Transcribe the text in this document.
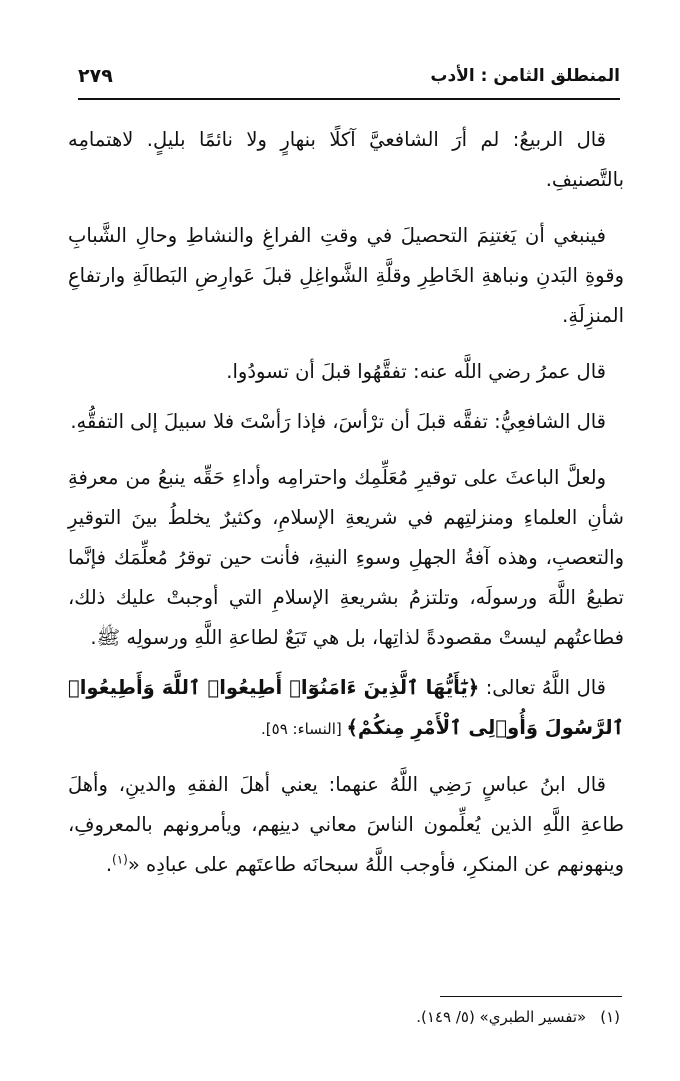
المنطلق الثامن : الأدب
٢٧٩

قال الربيعُ: لم أرَ الشافعيَّ آكلًا بنهارٍ ولا نائمًا بليلٍ. لاهتمامِه بالتَّصنيفِ.

فينبغي أن يَغتنِمَ التحصيلَ في وقتِ الفراغِ والنشاطِ وحالِ الشَّبابِ وقوةِ البَدنِ ونباهةِ الخَاطِرِ وقلَّةِ الشَّواغِلِ قبلَ عَوارِضِ البَطالَةِ وارتفاعِ المنزِلَةِ.

قال عمرُ رضي اللَّه عنه: تفقَّهُوا قبلَ أن تسودُوا.

قال الشافعِيُّ: تفقَّه قبلَ أن ترْأسَ، فإذا رَأسْتَ فلا سبيلَ إلى التفقُّهِ.

ولعلَّ الباعثَ على توقيرِ مُعَلِّمِك واحترامِه وأداءِ حَقِّه ينبعُ من معرفةِ شأنِ العلماءِ ومنزلتِهم في شريعةِ الإسلامِ، وكثيرٌ يخلطُ بينَ التوقيرِ والتعصبِ، وهذه آفةُ الجهلِ وسوءِ النيةِ، فأنت حين توقرُ مُعلِّمَك فإنَّما تطيعُ اللَّهَ ورسولَه، وتلتزمُ بشريعةِ الإسلامِ التي أوجبتْ عليك ذلك، فطاعتُهم ليستْ مقصودةً لذاتِها، بل هي تَبَعٌ لطاعةِ اللَّهِ ورسولِه ﷺ.

قال اللَّهُ تعالى: ﴿يَٰٓأَيُّهَا ٱلَّذِينَ ءَامَنُوٓا۟ أَطِيعُوا۟ ٱللَّهَ وَأَطِيعُوا۟ ٱلرَّسُولَ وَأُو۟لِى ٱلْأَمْرِ مِنكُمْ﴾ [النساء: ٥٩].

قال ابنُ عباسٍ رَضِي اللَّهُ عنهما: يعني أهلَ الفقهِ والدينِ، وأهلَ طاعةِ اللَّهِ الذين يُعلِّمون الناسَ معاني دينِهم، ويأمرونهم بالمعروفِ، وينهونهم عن المنكرِ، فأوجب اللَّهُ سبحانَه طاعتَهم على عبادِه «$^{(١)}$.

(١)«تفسير الطبري» (٥/ ١٤٩).
